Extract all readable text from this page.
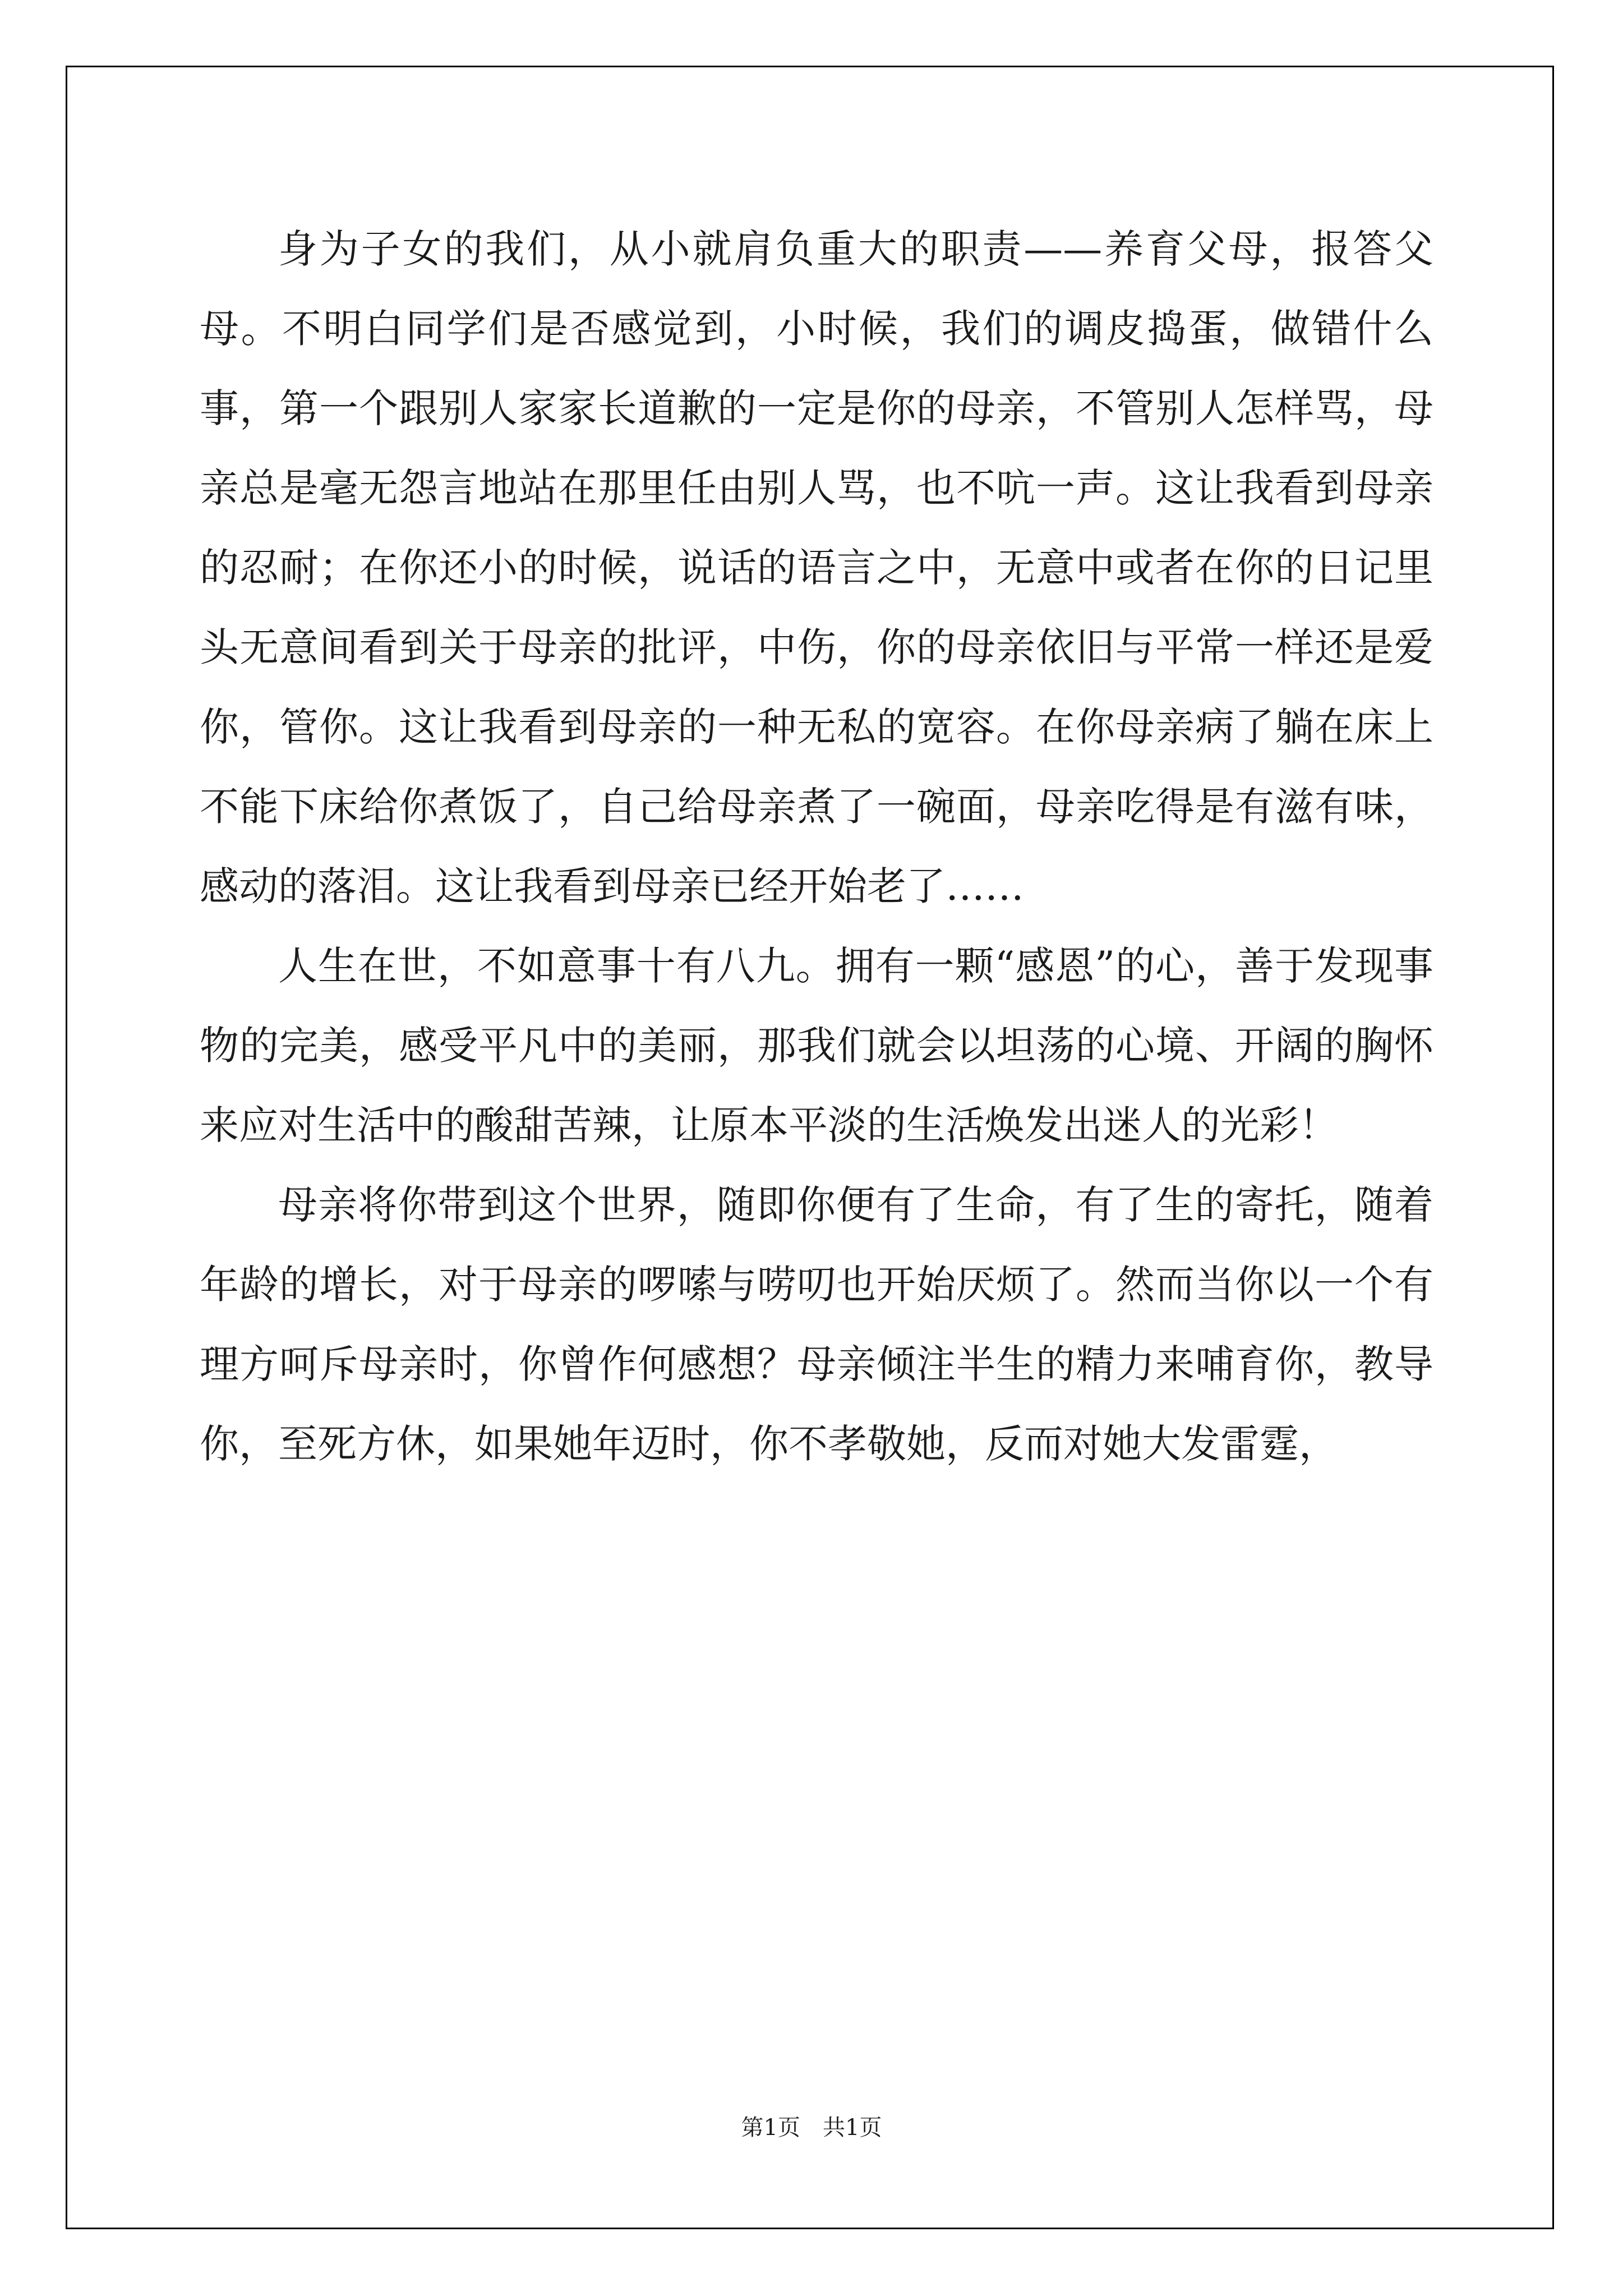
身为子女的我们，从小就肩负重大的职责——养育父母，报答父母。不明白同学们是否感觉到，小时候，我们的调皮捣蛋，做错什么事，第一个跟别人家家长道歉的一定是你的母亲，不管别人怎样骂，母亲总是毫无怨言地站在那里任由别人骂，也不吭一声。这让我看到母亲的忍耐；在你还小的时候，说话的语言之中，无意中或者在你的日记里头无意间看到关于母亲的批评，中伤，你的母亲依旧与平常一样还是爱你，管你。这让我看到母亲的一种无私的宽容。在你母亲病了躺在床上不能下床给你煮饭了，自己给母亲煮了一碗面，母亲吃得是有滋有味，感动的落泪。这让我看到母亲已经开始老了……

人生在世，不如意事十有八九。拥有一颗“感恩”的心，善于发现事物的完美，感受平凡中的美丽，那我们就会以坦荡的心境、开阔的胸怀来应对生活中的酸甜苦辣，让原本平淡的生活焕发出迷人的光彩！

母亲将你带到这个世界，随即你便有了生命，有了生的寄托，随着年龄的增长，对于母亲的啰嗦与唠叨也开始厌烦了。然而当你以一个有理方呵斥母亲时，你曾作何感想？母亲倾注半生的精力来哺育你，教导你，至死方休，如果她年迈时，你不孝敬她，反而对她大发雷霆，

第1页 共1页
